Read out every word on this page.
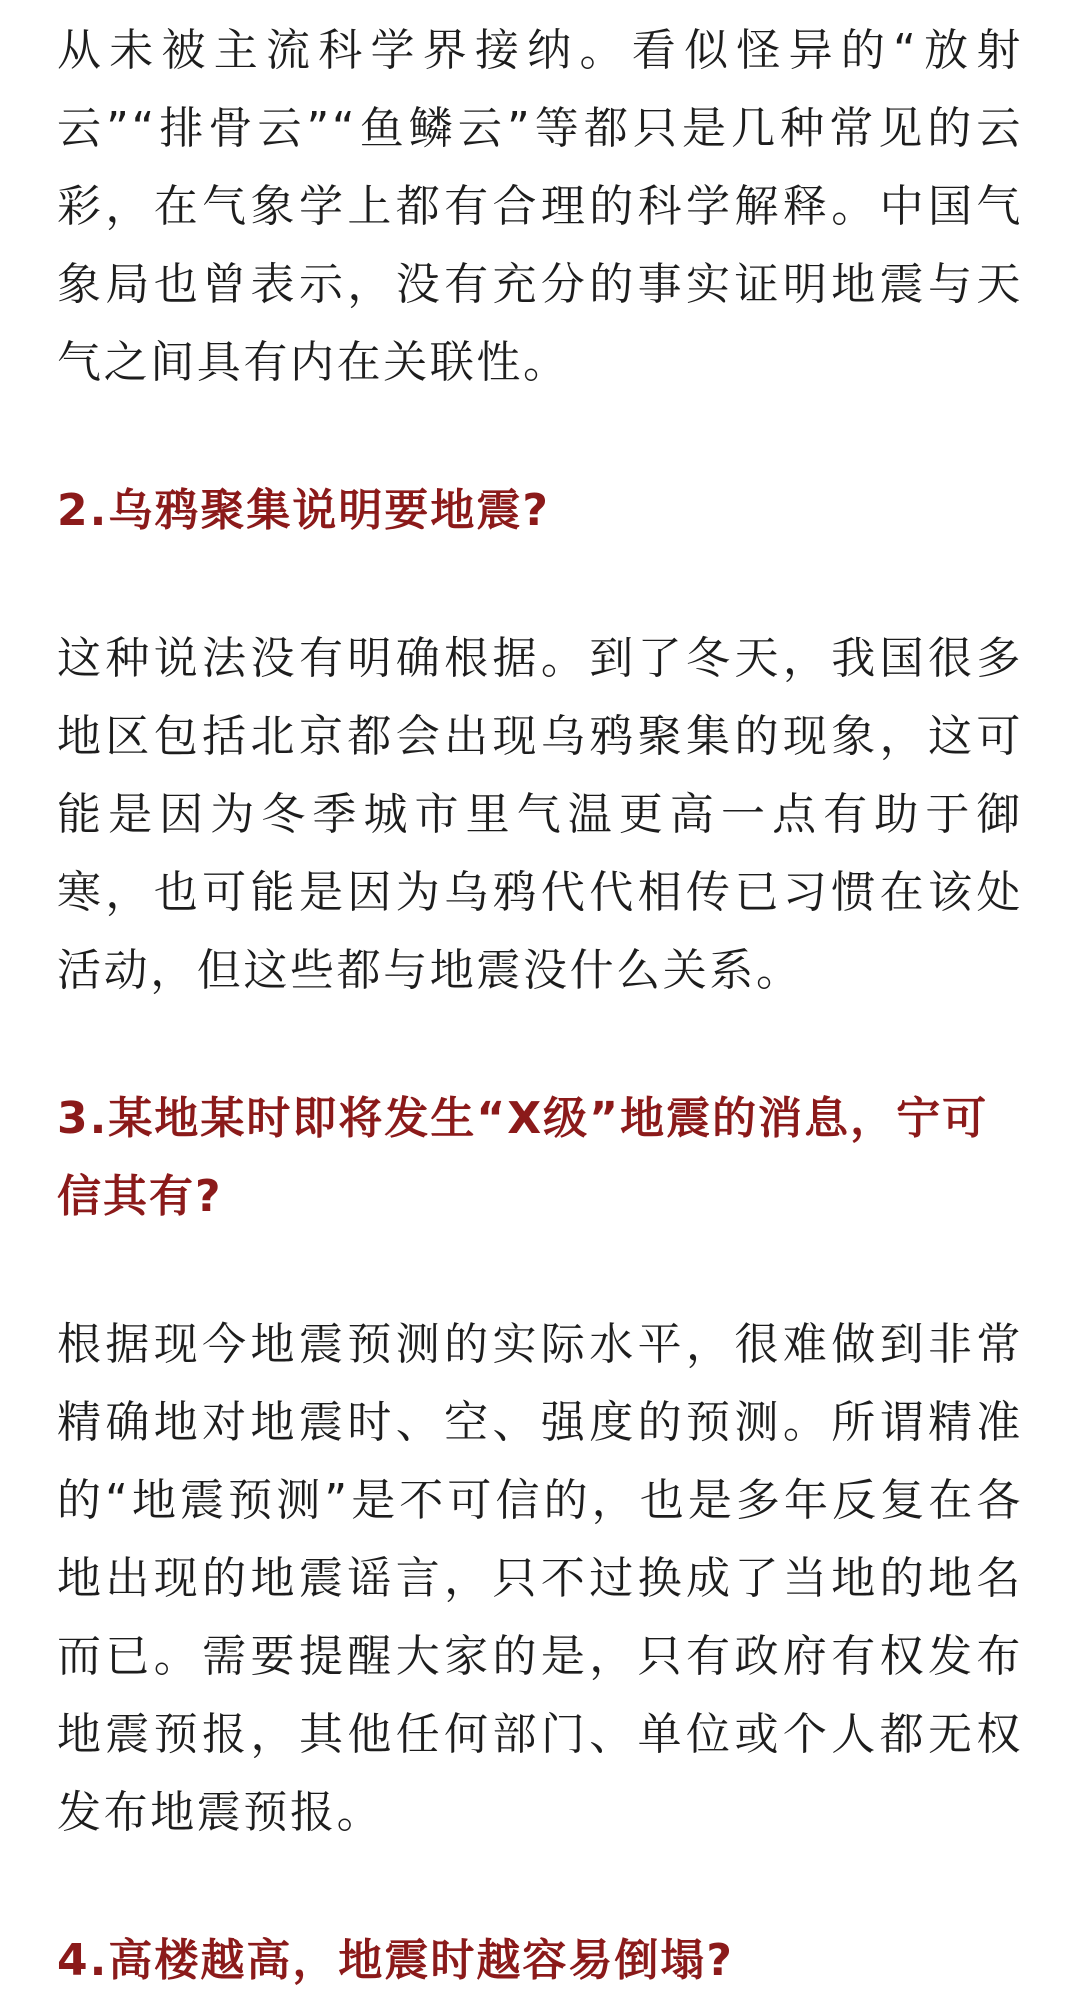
从未被主流科学界接纳。看似怪异的“放射云”“排骨云”“鱼鳞云”等都只是几种常见的云彩，在气象学上都有合理的科学解释。中国气象局也曾表示，没有充分的事实证明地震与天气之间具有内在关联性。

2.乌鸦聚集说明要地震?

这种说法没有明确根据。到了冬天，我国很多地区包括北京都会出现乌鸦聚集的现象，这可能是因为冬季城市里气温更高一点有助于御寒，也可能是因为乌鸦代代相传已习惯在该处活动，但这些都与地震没什么关系。

3.某地某时即将发生“X级”地震的消息，宁可信其有?

根据现今地震预测的实际水平，很难做到非常精确地对地震时、空、强度的预测。所谓精准的“地震预测”是不可信的，也是多年反复在各地出现的地震谣言，只不过换成了当地的地名而已。需要提醒大家的是，只有政府有权发布地震预报，其他任何部门、单位或个人都无权发布地震预报。

4.高楼越高，地震时越容易倒塌?
